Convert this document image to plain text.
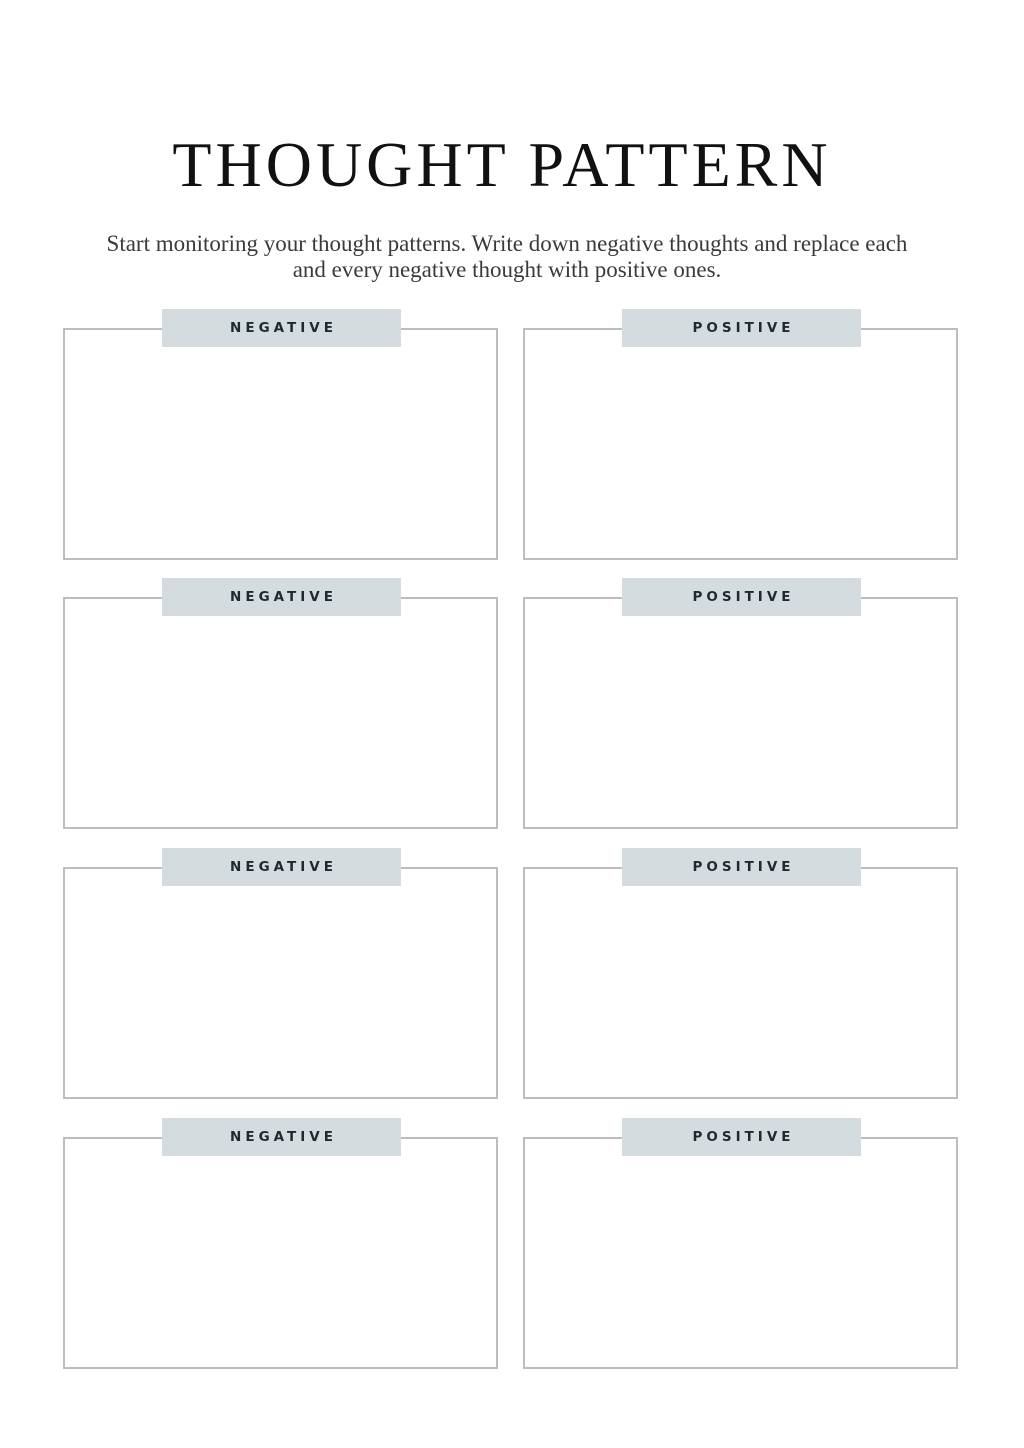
THOUGHT PATTERN

Start monitoring your thought patterns. Write down negative thoughts and replace each and every negative thought with positive ones.

NEGATIVE	POSITIVE
NEGATIVE	POSITIVE
NEGATIVE	POSITIVE
NEGATIVE	POSITIVE
